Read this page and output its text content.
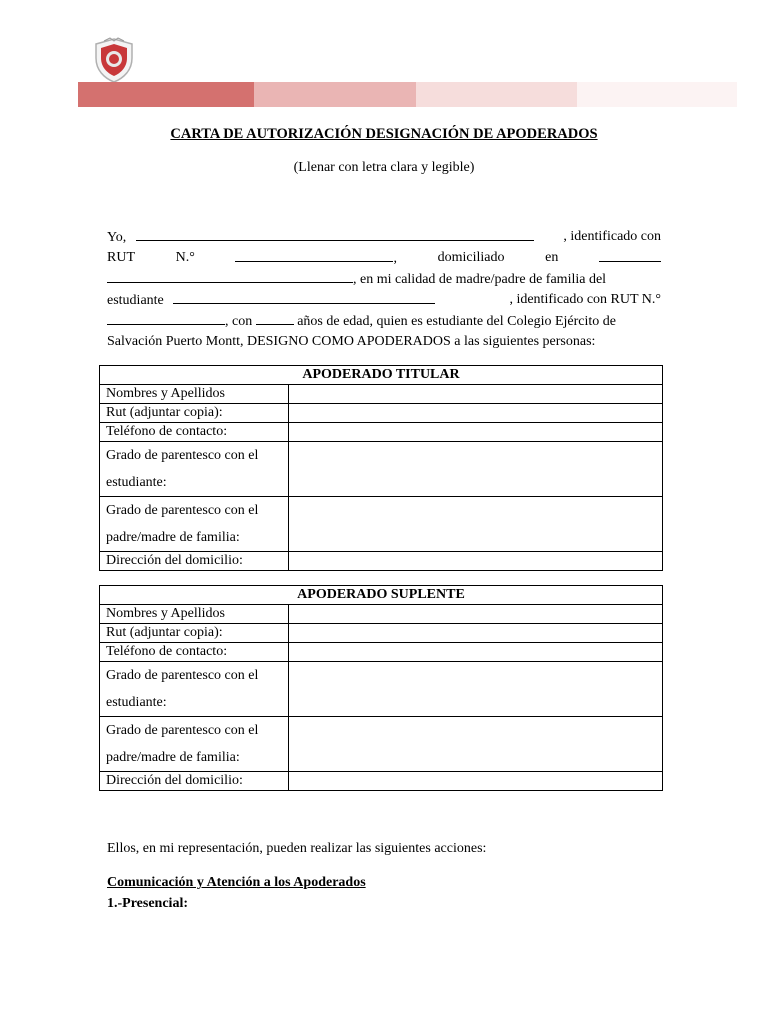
CARTA DE AUTORIZACIÓN DESIGNACIÓN DE APODERADOS
(Llenar con letra clara y legible)
Yo,	, identificado con
RUT	N.°	,	domiciliado	en
, en mi calidad de madre/padre de familia del
estudiante	, identificado con RUT N.°
, con	años de edad, quien es estudiante del Colegio Ejército de
Salvación Puerto Montt, DESIGNO COMO APODERADOS a las siguientes personas:
APODERADO TITULAR	
Nombres y Apellidos	
Rut (adjuntar copia):	
Teléfono de contacto:	
Grado de parentesco con el
estudiante:	
Grado de parentesco con el
padre/madre de familia:	
Dirección del domicilio:	
APODERADO SUPLENTE	
Nombres y Apellidos	
Rut (adjuntar copia):	
Teléfono de contacto:	
Grado de parentesco con el
estudiante:	
Grado de parentesco con el
padre/madre de familia:	
Dirección del domicilio:	
Ellos, en mi representación, pueden realizar las siguientes acciones:
Comunicación y Atención a los Apoderados
1.-Presencial:
